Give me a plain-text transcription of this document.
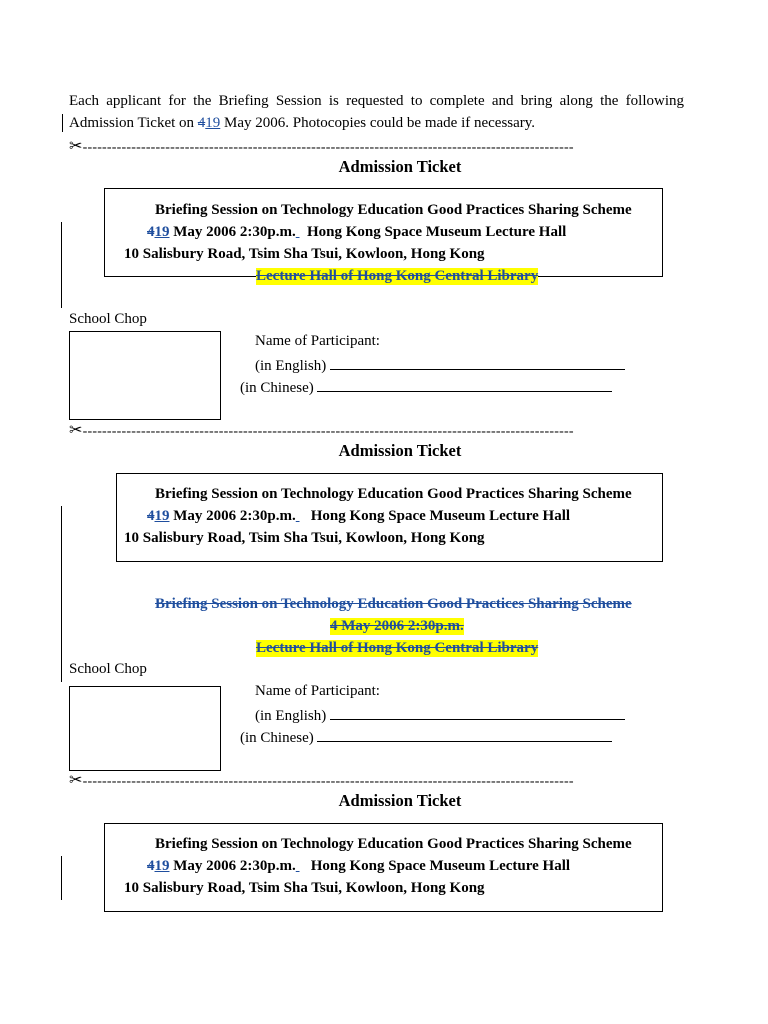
Each applicant for the Briefing Session is requested to complete and bring along the following
Admission Ticket on 419 May 2006. Photocopies could be made if necessary.
✂-----------------------------------------------------------------------------------------------------
Admission Ticket
Briefing Session on Technology Education Good Practices Sharing Scheme
419 May 2006 2:30p.m. Hong Kong Space Museum Lecture Hall
10 Salisbury Road, Tsim Sha Tsui, Kowloon, Hong Kong
Lecture Hall of Hong Kong Central Library
School Chop
Name of Participant:
(in English)
(in Chinese)
✂-----------------------------------------------------------------------------------------------------
Admission Ticket
Briefing Session on Technology Education Good Practices Sharing Scheme
419 May 2006 2:30p.m. Hong Kong Space Museum Lecture Hall
10 Salisbury Road, Tsim Sha Tsui, Kowloon, Hong Kong
Briefing Session on Technology Education Good Practices Sharing Scheme
4 May 2006 2:30p.m.
Lecture Hall of Hong Kong Central Library
School Chop
Name of Participant:
(in English)
(in Chinese)
✂-----------------------------------------------------------------------------------------------------
Admission Ticket
Briefing Session on Technology Education Good Practices Sharing Scheme
419 May 2006 2:30p.m. Hong Kong Space Museum Lecture Hall
10 Salisbury Road, Tsim Sha Tsui, Kowloon, Hong Kong
